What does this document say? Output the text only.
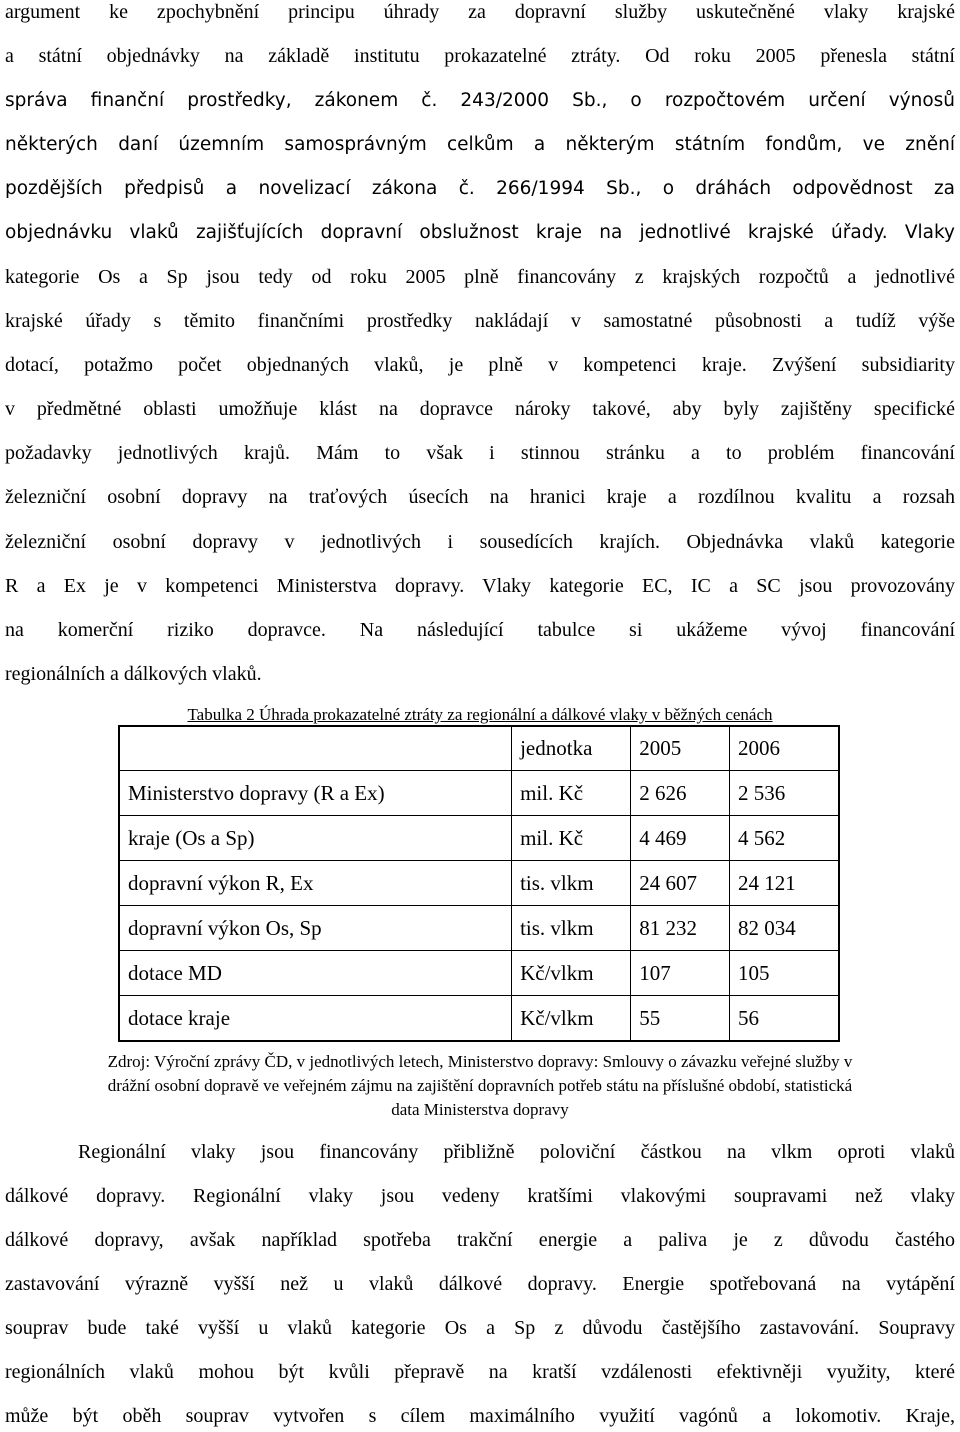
argument ke zpochybnění principu úhrady za dopravní služby uskutečněné vlaky krajské
a státní objednávky na základě institutu prokazatelné ztráty. Od roku 2005 přenesla státní
správa finanční prostředky, zákonem č. 243/2000 Sb., o rozpočtovém určení výnosů
některých daní územním samosprávným celkům a některým státním fondům, ve znění
pozdějších předpisů a novelizací zákona č. 266/1994 Sb., o dráhách odpovědnost za
objednávku vlaků zajišťujících dopravní obslužnost kraje na jednotlivé krajské úřady. Vlaky
kategorie Os a Sp jsou tedy od roku 2005 plně financovány z krajských rozpočtů a jednotlivé
krajské úřady s těmito finančními prostředky nakládají v samostatné působnosti a tudíž výše
dotací, potažmo počet objednaných vlaků, je plně v kompetenci kraje. Zvýšení subsidiarity
v předmětné oblasti umožňuje klást na dopravce nároky takové, aby byly zajištěny specifické
požadavky jednotlivých krajů. Mám to však i stinnou stránku a to problém financování
železniční osobní dopravy na traťových úsecích na hranici kraje a rozdílnou kvalitu a rozsah
železniční osobní dopravy v jednotlivých i sousedících krajích. Objednávka vlaků kategorie
R a Ex je v kompetenci Ministerstva dopravy. Vlaky kategorie EC, IC a SC jsou provozovány
na komerční riziko dopravce. Na následující tabulce si ukážeme vývoj financování
regionálních a dálkových vlaků.
Tabulka 2 Úhrada prokazatelné ztráty za regionální a dálkové vlaky v běžných cenách
	jednotka	2005	2006
Ministerstvo dopravy (R a Ex)	mil. Kč	2 626	2 536
kraje (Os a Sp)	mil. Kč	4 469	4 562
dopravní výkon R, Ex	tis. vlkm	24 607	24 121
dopravní výkon Os, Sp	tis. vlkm	81 232	82 034
dotace MD	Kč/vlkm	107	105
dotace kraje	Kč/vlkm	55	56
Zdroj: Výroční zprávy ČD, v jednotlivých letech, Ministerstvo dopravy: Smlouvy o závazku veřejné služby v
drážní osobní dopravě ve veřejném zájmu na zajištění dopravních potřeb státu na příslušné období, statistická
data Ministerstva dopravy
Regionální vlaky jsou financovány přibližně poloviční částkou na vlkm oproti vlaků
dálkové dopravy. Regionální vlaky jsou vedeny kratšími vlakovými soupravami než vlaky
dálkové dopravy, avšak například spotřeba trakční energie a paliva je z důvodu častého
zastavování výrazně vyšší než u vlaků dálkové dopravy. Energie spotřebovaná na vytápění
souprav bude také vyšší u vlaků kategorie Os a Sp z důvodu častějšího zastavování. Soupravy
regionálních vlaků mohou být kvůli přepravě na kratší vzdálenosti efektivněji využity, které
může být oběh souprav vytvořen s cílem maximálního využití vagónů a lokomotiv. Kraje,
